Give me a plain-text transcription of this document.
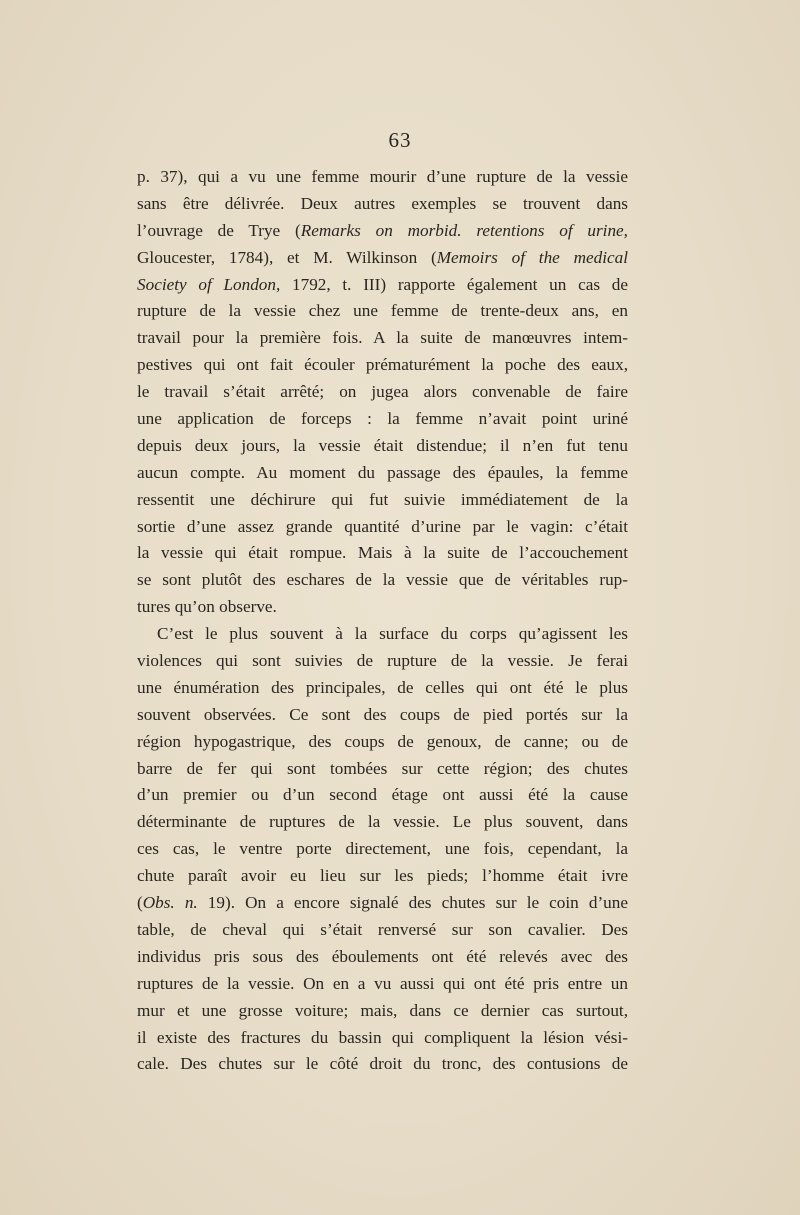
63
p. 37), qui a vu une femme mourir d’une rupture de la vessie
sans être délivrée. Deux autres exemples se trouvent dans
l’ouvrage de Trye (Remarks on morbid. retentions of urine,
Gloucester, 1784), et M. Wilkinson (Memoirs of the medical
Society of London, 1792, t. III) rapporte également un cas de
rupture de la vessie chez une femme de trente-deux ans, en
travail pour la première fois. A la suite de manœuvres intem-
pestives qui ont fait écouler prématurément la poche des eaux,
le travail s’était arrêté; on jugea alors convenable de faire
une application de forceps : la femme n’avait point uriné
depuis deux jours, la vessie était distendue; il n’en fut tenu
aucun compte. Au moment du passage des épaules, la femme
ressentit une déchirure qui fut suivie immédiatement de la
sortie d’une assez grande quantité d’urine par le vagin: c’était
la vessie qui était rompue. Mais à la suite de l’accouchement
se sont plutôt des eschares de la vessie que de véritables rup-
tures qu’on observe.
C’est le plus souvent à la surface du corps qu’agissent les
violences qui sont suivies de rupture de la vessie. Je ferai
une énumération des principales, de celles qui ont été le plus
souvent observées. Ce sont des coups de pied portés sur la
région hypogastrique, des coups de genoux, de canne; ou de
barre de fer qui sont tombées sur cette région; des chutes
d’un premier ou d’un second étage ont aussi été la cause
déterminante de ruptures de la vessie. Le plus souvent, dans
ces cas, le ventre porte directement, une fois, cependant, la
chute paraît avoir eu lieu sur les pieds; l’homme était ivre
(Obs. n. 19). On a encore signalé des chutes sur le coin d’une
table, de cheval qui s’était renversé sur son cavalier. Des
individus pris sous des éboulements ont été relevés avec des
ruptures de la vessie. On en a vu aussi qui ont été pris entre un
mur et une grosse voiture; mais, dans ce dernier cas surtout,
il existe des fractures du bassin qui compliquent la lésion vési-
cale. Des chutes sur le côté droit du tronc, des contusions de
